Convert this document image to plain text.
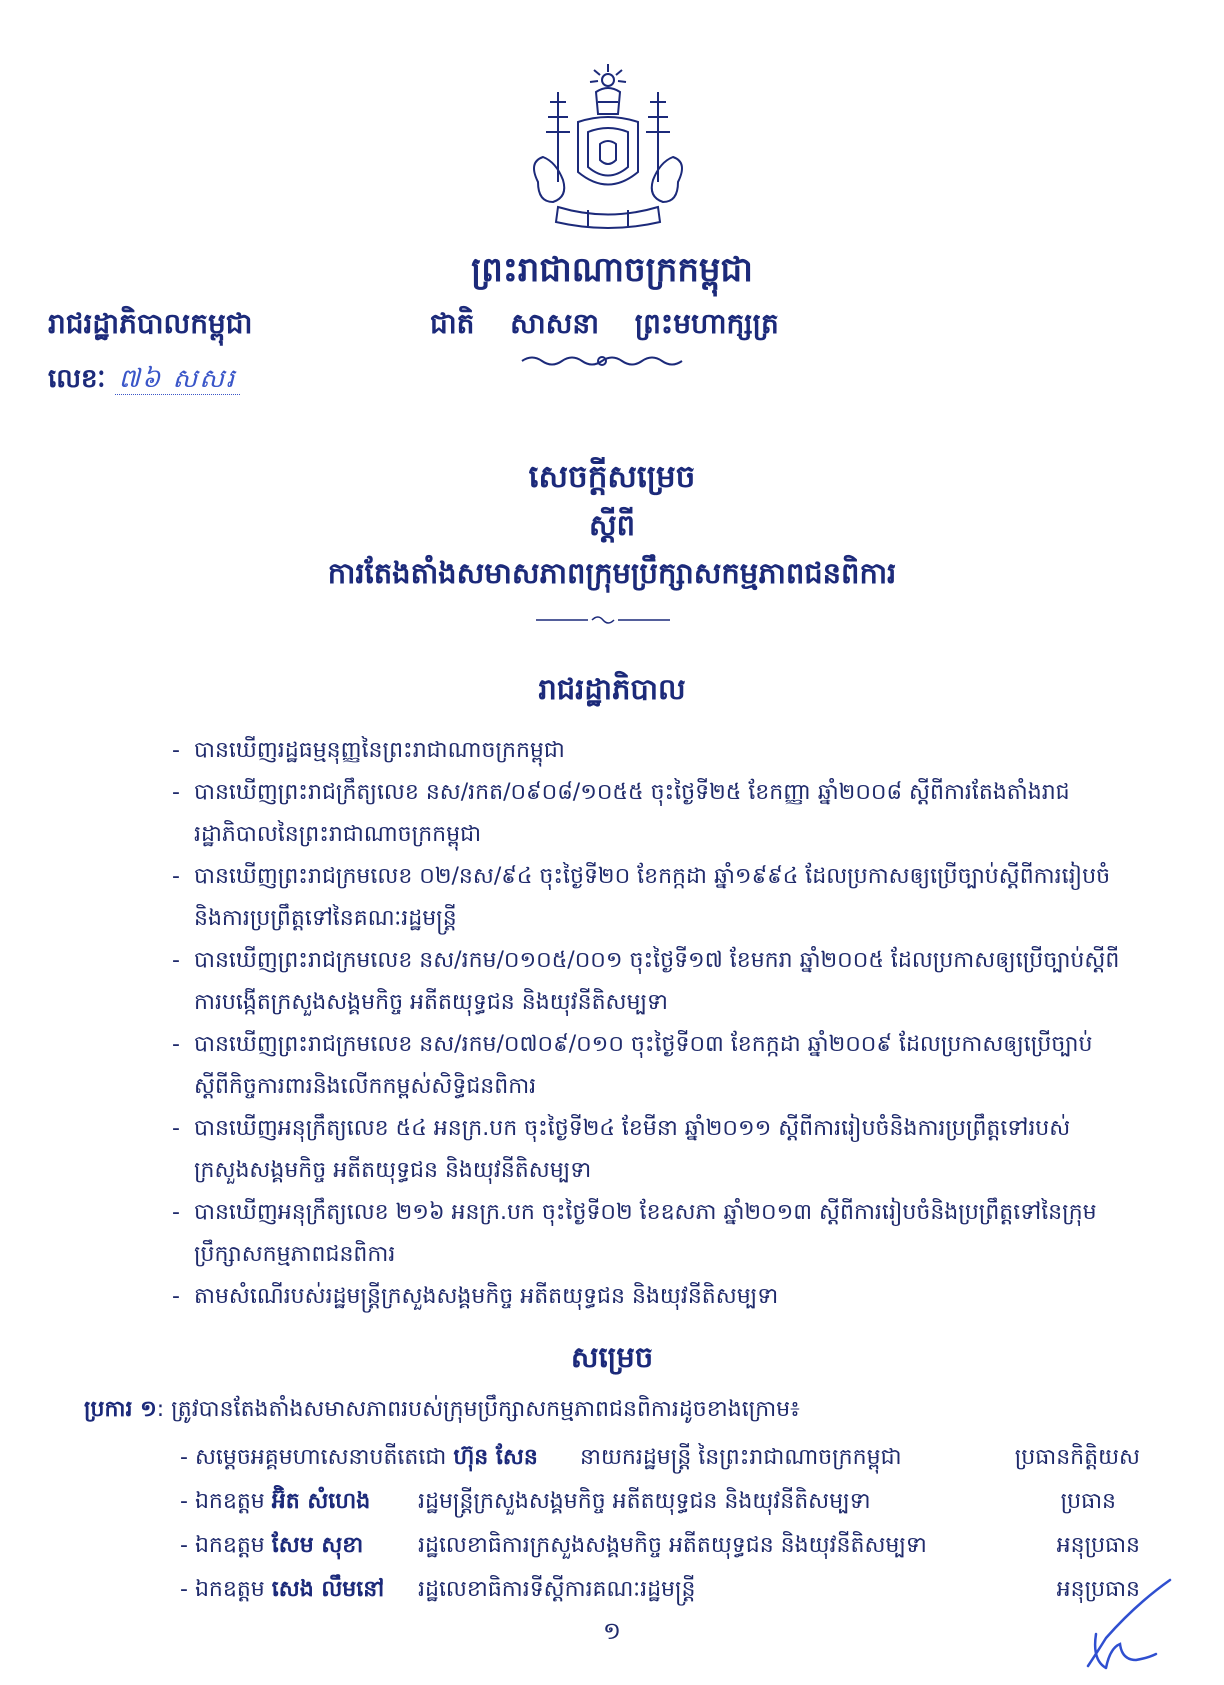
ព្រះរាជាណាចក្រកម្ពុជា
ជាតិ សាសនា ព្រះមហាក្សត្រ
រាជរដ្ឋាភិបាលកម្ពុជា
លេខៈ ៧៦ សសរ
សេចក្តីសម្រេច
ស្តីពី
ការតែងតាំងសមាសភាពក្រុមប្រឹក្សាសកម្មភាពជនពិការ
រាជរដ្ឋាភិបាល
- បានឃើញរដ្ឋធម្មនុញ្ញនៃព្រះរាជាណាចក្រកម្ពុជា
- បានឃើញព្រះរាជក្រឹត្យលេខ នស/រកត/០៩០៨/១០៥៥ ចុះថ្ងៃទី២៥ ខែកញ្ញា ឆ្នាំ២០០៨ ស្តីពីការតែងតាំងរាជរដ្ឋាភិបាលនៃព្រះរាជាណាចក្រកម្ពុជា
- បានឃើញព្រះរាជក្រមលេខ ០២/នស/៩៤ ចុះថ្ងៃទី២០ ខែកក្កដា ឆ្នាំ១៩៩៤ ដែលប្រកាសឲ្យប្រើច្បាប់ស្តីពីការរៀបចំ និងការប្រព្រឹត្តទៅនៃគណៈរដ្ឋមន្ត្រី
- បានឃើញព្រះរាជក្រមលេខ នស/រកម/០១០៥/០០១ ចុះថ្ងៃទី១៧ ខែមករា ឆ្នាំ២០០៥ ដែលប្រកាសឲ្យប្រើច្បាប់ស្តីពីការបង្កើតក្រសួងសង្គមកិច្ច អតីតយុទ្ធជន និងយុវនីតិសម្បទា
- បានឃើញព្រះរាជក្រមលេខ នស/រកម/០៧០៩/០១០ ចុះថ្ងៃទី០៣ ខែកក្កដា ឆ្នាំ២០០៩ ដែលប្រកាសឲ្យប្រើច្បាប់ស្តីពីកិច្ចការពារនិងលើកកម្ពស់សិទ្ធិជនពិការ
- បានឃើញអនុក្រឹត្យលេខ ៥៤ អនក្រ.បក ចុះថ្ងៃទី២៤ ខែមីនា ឆ្នាំ២០១១ ស្តីពីការរៀបចំនិងការប្រព្រឹត្តទៅរបស់ក្រសួងសង្គមកិច្ច អតីតយុទ្ធជន និងយុវនីតិសម្បទា
- បានឃើញអនុក្រឹត្យលេខ ២១៦ អនក្រ.បក ចុះថ្ងៃទី០២ ខែឧសភា ឆ្នាំ២០១៣ ស្តីពីការរៀបចំនិងប្រព្រឹត្តទៅនៃក្រុមប្រឹក្សាសកម្មភាពជនពិការ
- តាមសំណើរបស់រដ្ឋមន្ត្រីក្រសួងសង្គមកិច្ច អតីតយុទ្ធជន និងយុវនីតិសម្បទា
សម្រេច
ប្រការ ១: ត្រូវបានតែងតាំងសមាសភាពរបស់ក្រុមប្រឹក្សាសកម្មភាពជនពិការដូចខាងក្រោម៖
- សម្តេចអគ្គមហាសេនាបតីតេជោ ហ៊ុន សែន នាយករដ្ឋមន្ត្រី នៃព្រះរាជាណាចក្រកម្ពុជា	ប្រធានកិត្តិយស
- ឯកឧត្តម អ៊ិត សំហេង រដ្ឋមន្ត្រីក្រសួងសង្គមកិច្ច អតីតយុទ្ធជន និងយុវនីតិសម្បទា	ប្រធាន
- ឯកឧត្តម សែម សុខា រដ្ឋលេខាធិការក្រសួងសង្គមកិច្ច អតីតយុទ្ធជន និងយុវនីតិសម្បទា	អនុប្រធាន
- ឯកឧត្តម សេង លឹមនៅ រដ្ឋលេខាធិការទីស្តីការគណៈរដ្ឋមន្ត្រី	អនុប្រធាន
១
